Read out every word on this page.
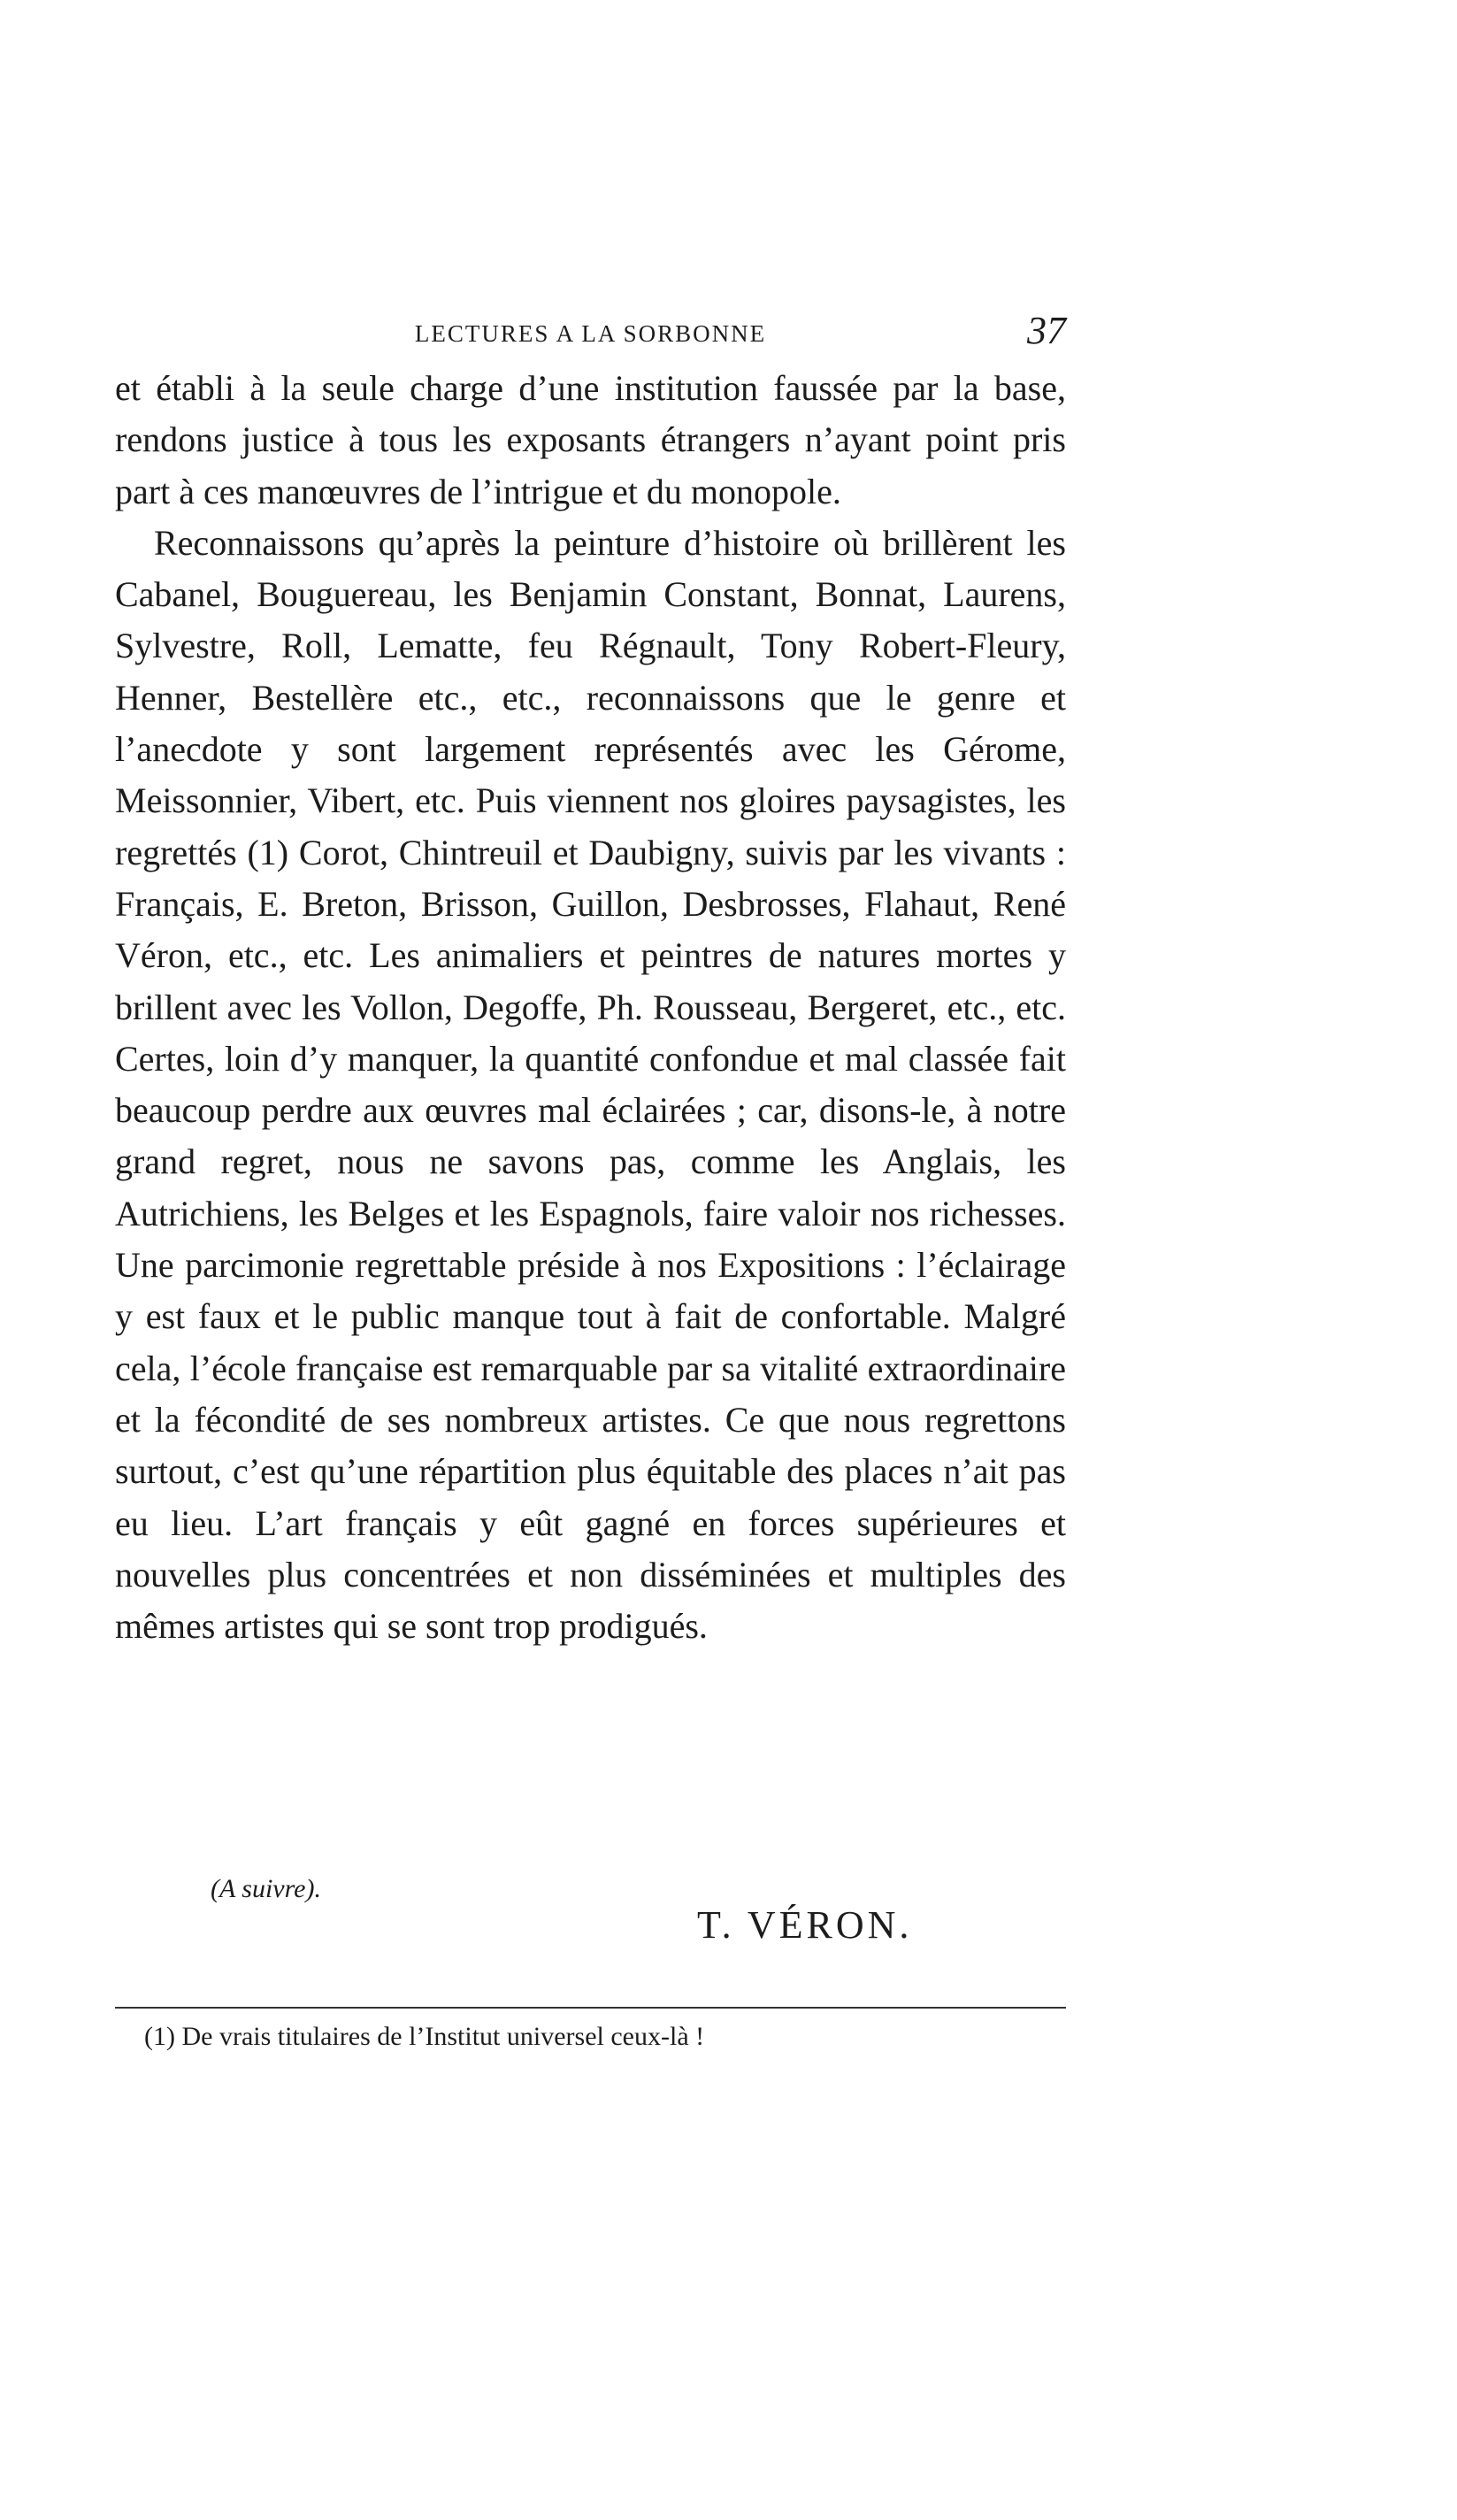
LECTURES A LA SORBONNE	37

et établi à la seule charge d’une institution faussée par la base, rendons justice à tous les exposants étrangers n’ayant point pris part à ces manœuvres de l’intrigue et du monopole.

Reconnaissons qu’après la peinture d’histoire où brillèrent les Cabanel, Bouguereau, les Benjamin Constant, Bonnat, Laurens, Sylvestre, Roll, Lematte, feu Régnault, Tony Robert-Fleury, Henner, Bestellère etc., etc., reconnaissons que le genre et l’anecdote y sont largement représentés avec les Gérome, Meissonnier, Vibert, etc. Puis viennent nos gloires paysagistes, les regrettés (1) Corot, Chintreuil et Daubigny, suivis par les vivants : Français, E. Breton, Brisson, Guillon, Desbrosses, Flahaut, René Véron, etc., etc. Les animaliers et peintres de natures mortes y brillent avec les Vollon, Degoffe, Ph. Rousseau, Bergeret, etc., etc. Certes, loin d’y manquer, la quantité confondue et mal classée fait beaucoup perdre aux œuvres mal éclairées ; car, disons-le, à notre grand regret, nous ne savons pas, comme les Anglais, les Autrichiens, les Belges et les Espagnols, faire valoir nos richesses. Une parcimonie regrettable préside à nos Expositions : l’éclairage y est faux et le public manque tout à fait de confortable. Malgré cela, l’école française est remarquable par sa vitalité extraordinaire et la fécondité de ses nombreux artistes. Ce que nous regrettons surtout, c’est qu’une répartition plus équitable des places n’ait pas eu lieu. L’art français y eût gagné en forces supérieures et nouvelles plus concentrées et non disséminées et multiples des mêmes artistes qui se sont trop prodigués.

(A suivre).
T. VÉRON.
(1) De vrais titulaires de l’Institut universel ceux-là !
